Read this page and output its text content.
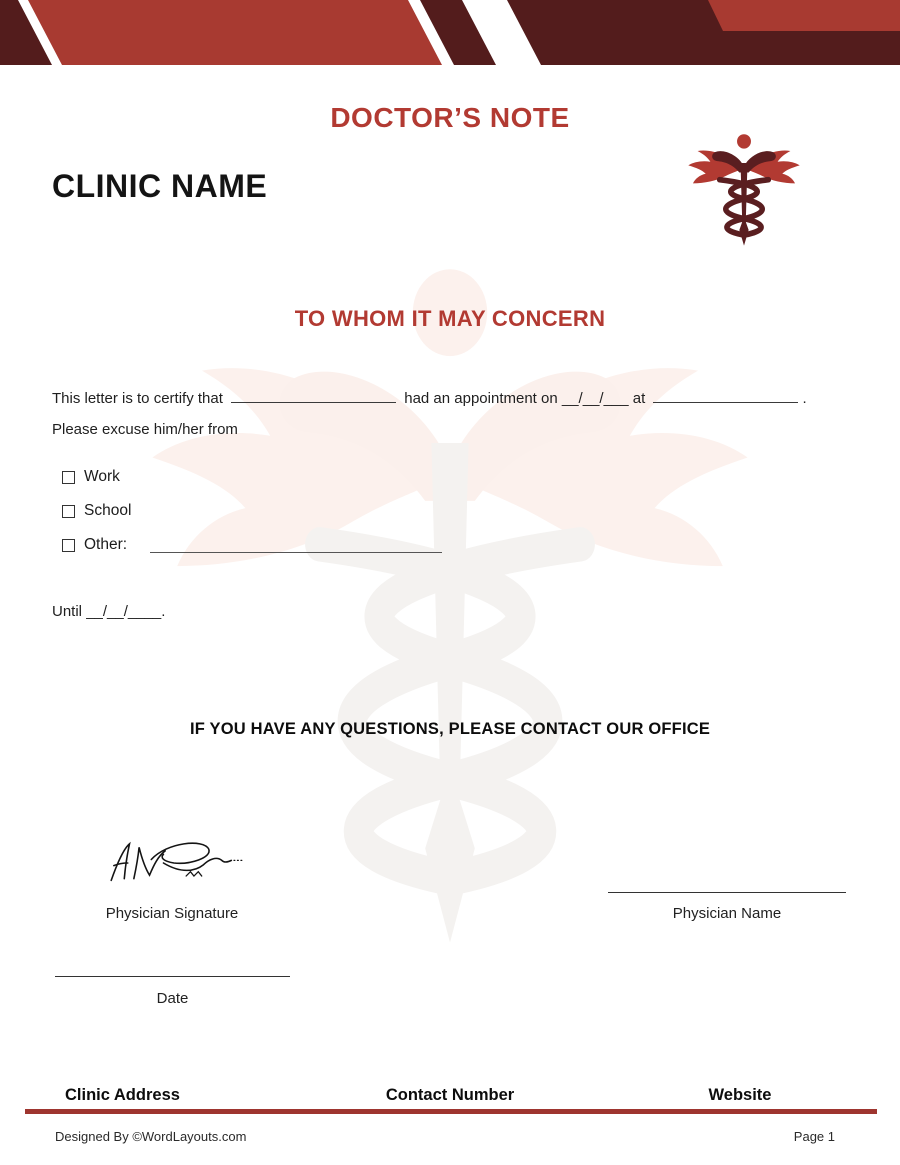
DOCTOR’S NOTE
CLINIC NAME
TO WHOM IT MAY CONCERN
This letter is to certify that	had an appointment on __/__/___ at	.
Please excuse him/her from
Work
School
Other:
Until __/__/____.
IF YOU HAVE ANY QUESTIONS, PLEASE CONTACT OUR OFFICE
Physician Signature	Physician Name
Date
Clinic Address	Contact Number	Website
Designed By ©WordLayouts.com	Page 1
